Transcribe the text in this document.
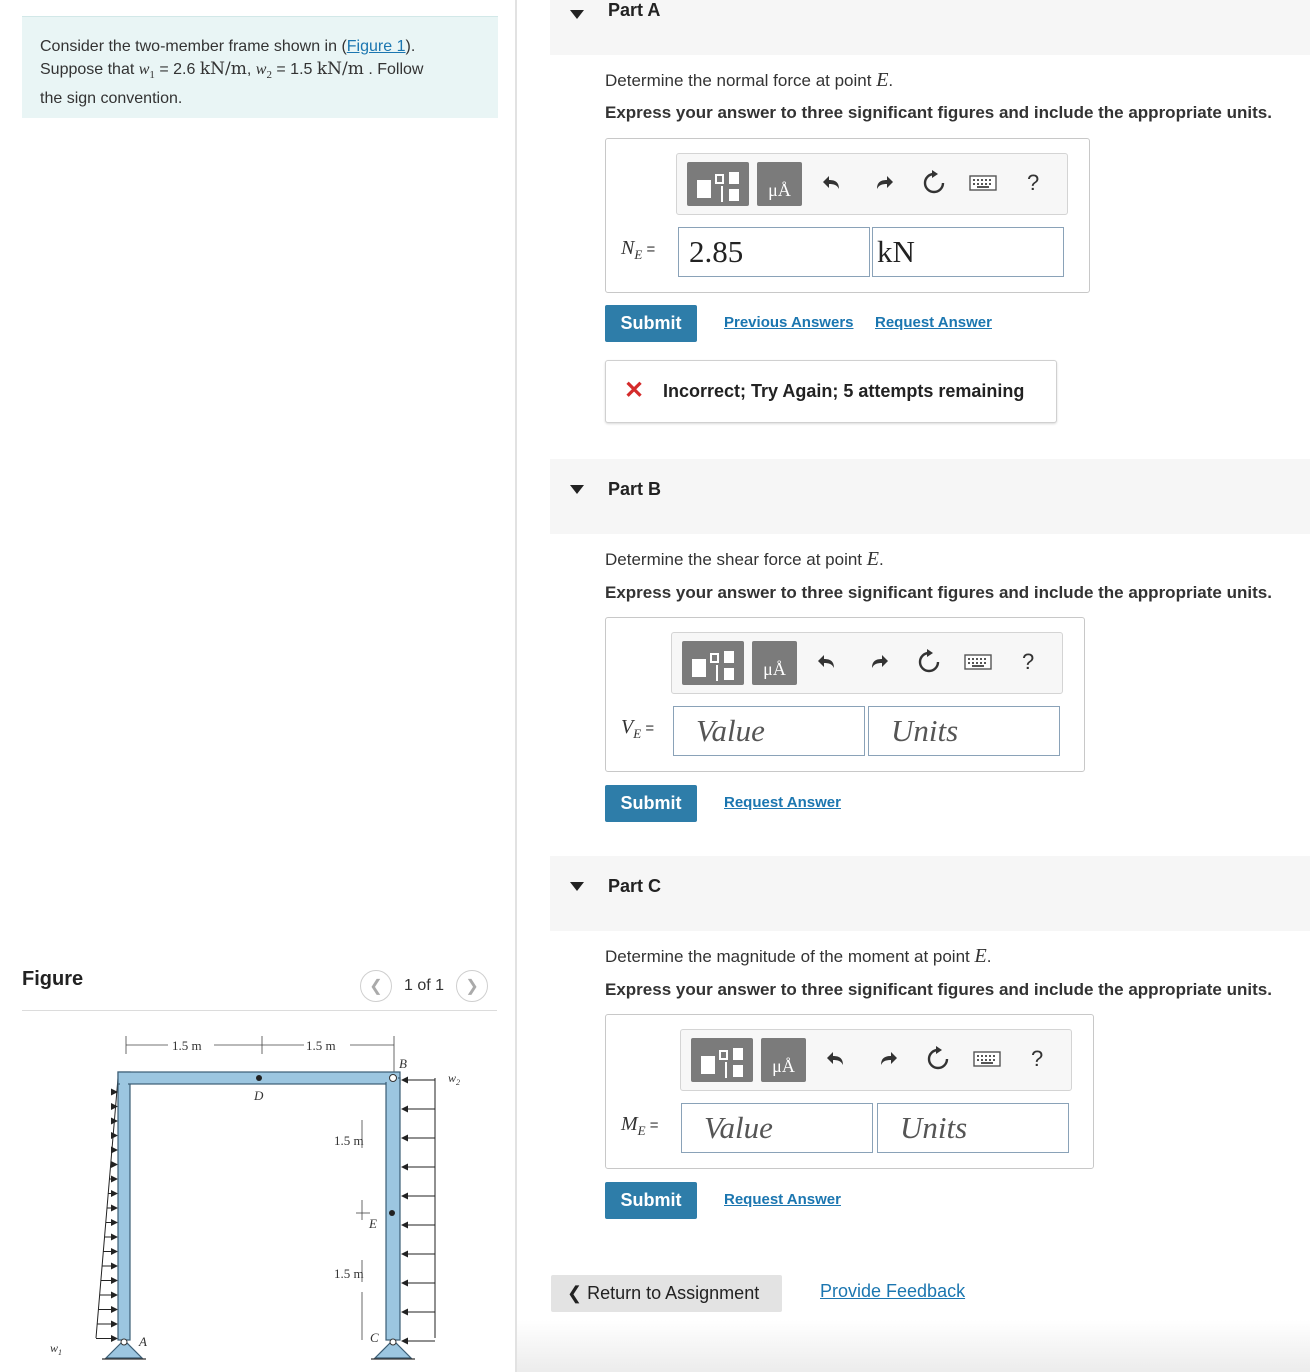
Consider the two-member frame shown in (Figure 1).
Suppose that $w_1 = 2.6$ kN/m, $w_2 = 1.5$ kN/m . Follow
the sign convention.
Figure	❮	1 of 1	❯
1.5 m	1.5 m
1.5 m
1.5 m
B
D
E
C
A
$w_1$
$w_2$
Part A
Determine the normal force at point E.
Express your answer to three significant figures and include the appropriate units.
μÅ	?
$N_E$ =	2.85	kN
Submit	Previous Answers Request Answer
✕ Incorrect; Try Again; 5 attempts remaining
Part B
Determine the shear force at point E.
Express your answer to three significant figures and include the appropriate units.
μÅ	?
$V_E$ =	Value	Units
Submit	Request Answer
Part C
Determine the magnitude of the moment at point E.
Express your answer to three significant figures and include the appropriate units.
μÅ	?
$M_E$ =	Value	Units
Submit	Request Answer
❮ Return to Assignment	Provide Feedback
